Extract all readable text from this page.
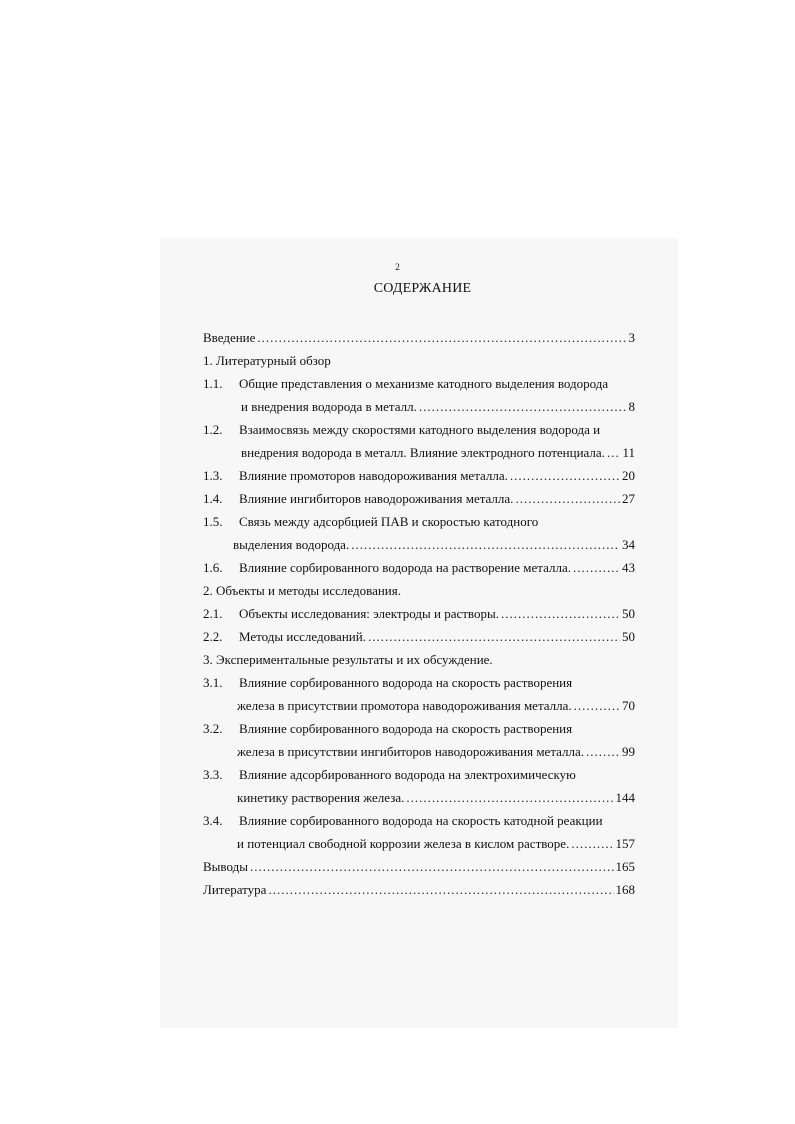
2
СОДЕРЖАНИЕ
Введение .....	3
1. Литературный обзор
1.1. Общие представления о механизме катодного выделения водорода
и внедрения водорода в металл. .....	8
1.2. Взаимосвязь между скоростями катодного выделения водорода и
внедрения водорода в металл. Влияние электродного потенциала. ..... 11
1.3. Влияние промоторов наводороживания металла. .....	20
1.4. Влияние ингибиторов наводороживания металла. .....	27
1.5. Связь между адсорбцией ПАВ и скоростью катодного
выделения водорода. .....	34
1.6. Влияние сорбированного водорода на растворение металла. .....	43
2. Объекты и методы исследования.
2.1. Объекты исследования: электроды и растворы. .....	50
2.2. Методы исследований. .....	50
3. Экспериментальные результаты и их обсуждение.
3.1. Влияние сорбированного водорода на скорость растворения
железа в присутствии промотора наводороживания металла. .....	70
3.2. Влияние сорбированного водорода на скорость растворения
железа в присутствии ингибиторов наводороживания металла. .....	99
3.3. Влияние адсорбированного водорода на электрохимическую
кинетику растворения железа. .....	144
3.4. Влияние сорбированного водорода на скорость катодной реакции
и потенциал свободной коррозии железа в кислом растворе. .....	157
Выводы .....	165
Литература .....	168
